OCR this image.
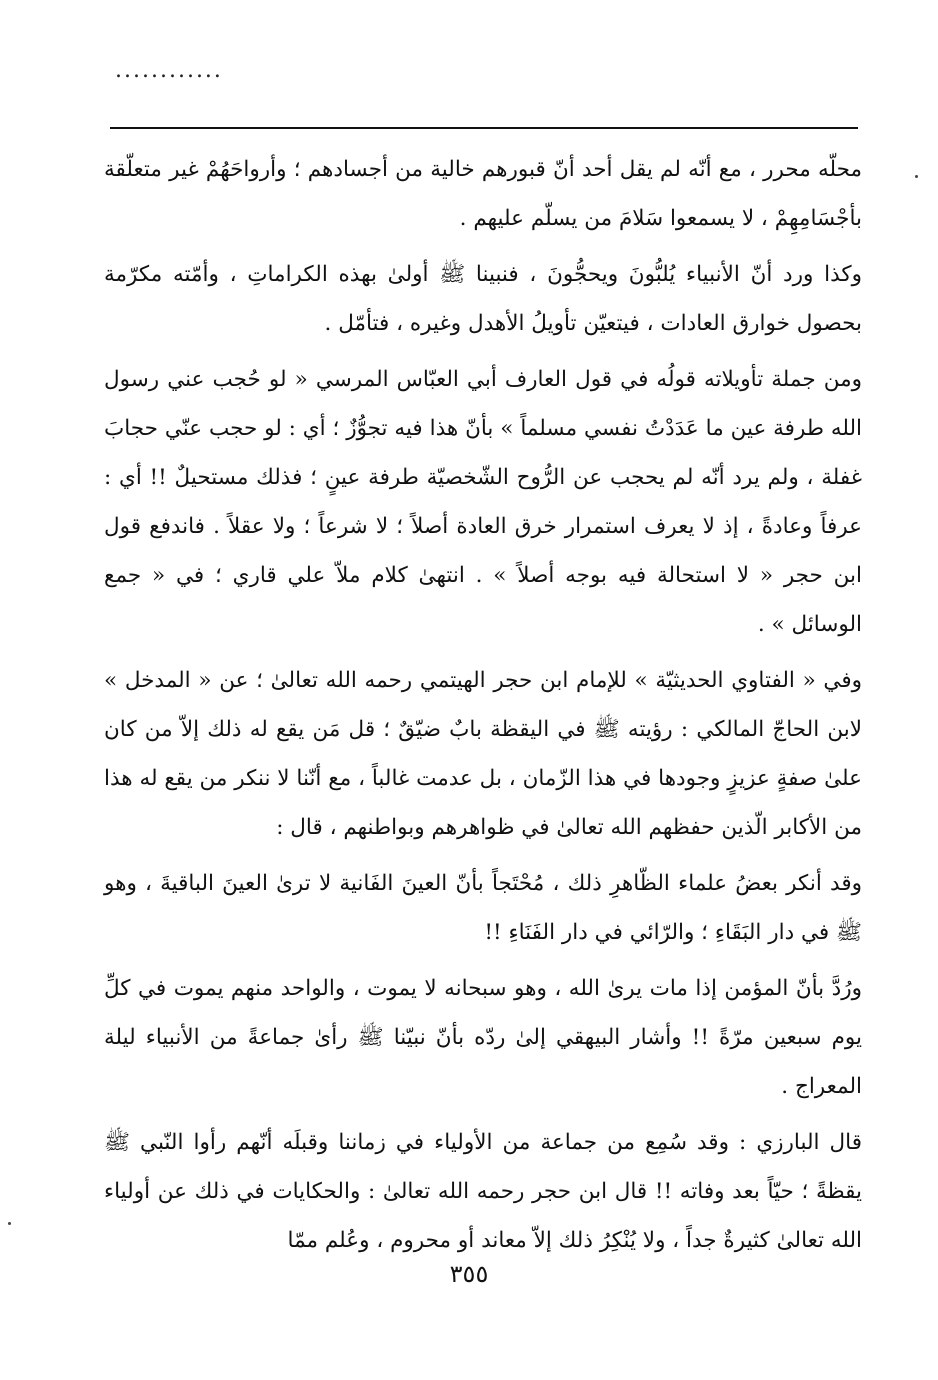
............

محلّه محرر ، مع أنّه لم يقل أحد أنّ قبورهم خالية من أجسادهم ؛ وأرواحَهُمْ غير متعلّقة بأجْسَامِهِمْ ، لا يسمعوا سَلامَ من يسلّم عليهم .

وكذا ورد أنّ الأنبياء يُلبُّونَ ويحجُّونَ ، فنبينا ﷺ أولىٰ بهذه الكراماتِ ، وأمّته مكرّمة بحصول خوارق العادات ، فيتعيّن تأويلُ الأهدل وغيره ، فتأمّل .

ومن جملة تأويلاته قولُه في قول العارف أبي العبّاس المرسي « لو حُجب عني رسول الله طرفة عين ما عَدَدْتُ نفسي مسلماً » بأنّ هذا فيه تجوُّزٌ ؛ أي : لو حجب عنّي حجابَ غفلة ، ولم يرد أنّه لم يحجب عن الرُّوح الشّخصيّة طرفة عينٍ ؛ فذلك مستحيلٌ !! أي : عرفاً وعادةً ، إذ لا يعرف استمرار خرق العادة أصلاً ؛ لا شرعاً ؛ ولا عقلاً . فاندفع قول ابن حجر « لا استحالة فيه بوجه أصلاً » . انتهىٰ كلام ملاّ علي قاري ؛ في « جمع الوسائل » .

وفي « الفتاوي الحديثيّة » للإمام ابن حجر الهيتمي رحمه الله تعالىٰ ؛ عن « المدخل » لابن الحاجّ المالكي : رؤيته ﷺ في اليقظة بابٌ ضيّقٌ ؛ قل مَن يقع له ذلك إلاّ من كان علىٰ صفةٍ عزيزٍ وجودها في هذا الزّمان ، بل عدمت غالباً ، مع أنّنا لا ننكر من يقع له هذا من الأكابر الّذين حفظهم الله تعالىٰ في ظواهرهم وبواطنهم ، قال :

وقد أنكر بعضُ علماء الظّاهرِ ذلك ، مُحْتَجاً بأنّ العينَ الفَانية لا ترىٰ العينَ الباقيةَ ، وهو ﷺ في دار البَقَاءِ ؛ والرّائي في دار الفَنَاءِ !!

ورُدَّ بأنّ المؤمن إذا مات يرىٰ الله ، وهو سبحانه لا يموت ، والواحد منهم يموت في كلِّ يوم سبعين مرّةً !! وأشار البيهقي إلىٰ ردّه بأنّ نبيّنا ﷺ رأىٰ جماعةً من الأنبياء ليلة المعراج .

قال البارزي : وقد سُمِع من جماعة من الأولياء في زماننا وقبلَه أنّهم رأوا النّبي ﷺ يقظةً ؛ حيّاً بعد وفاته !! قال ابن حجر رحمه الله تعالىٰ : والحكايات في ذلك عن أولياء الله تعالىٰ كثيرةٌ جداً ، ولا يُنْكِرُ ذلك إلاّ معاند أو محروم ، وعُلم ممّا

٣٥٥
